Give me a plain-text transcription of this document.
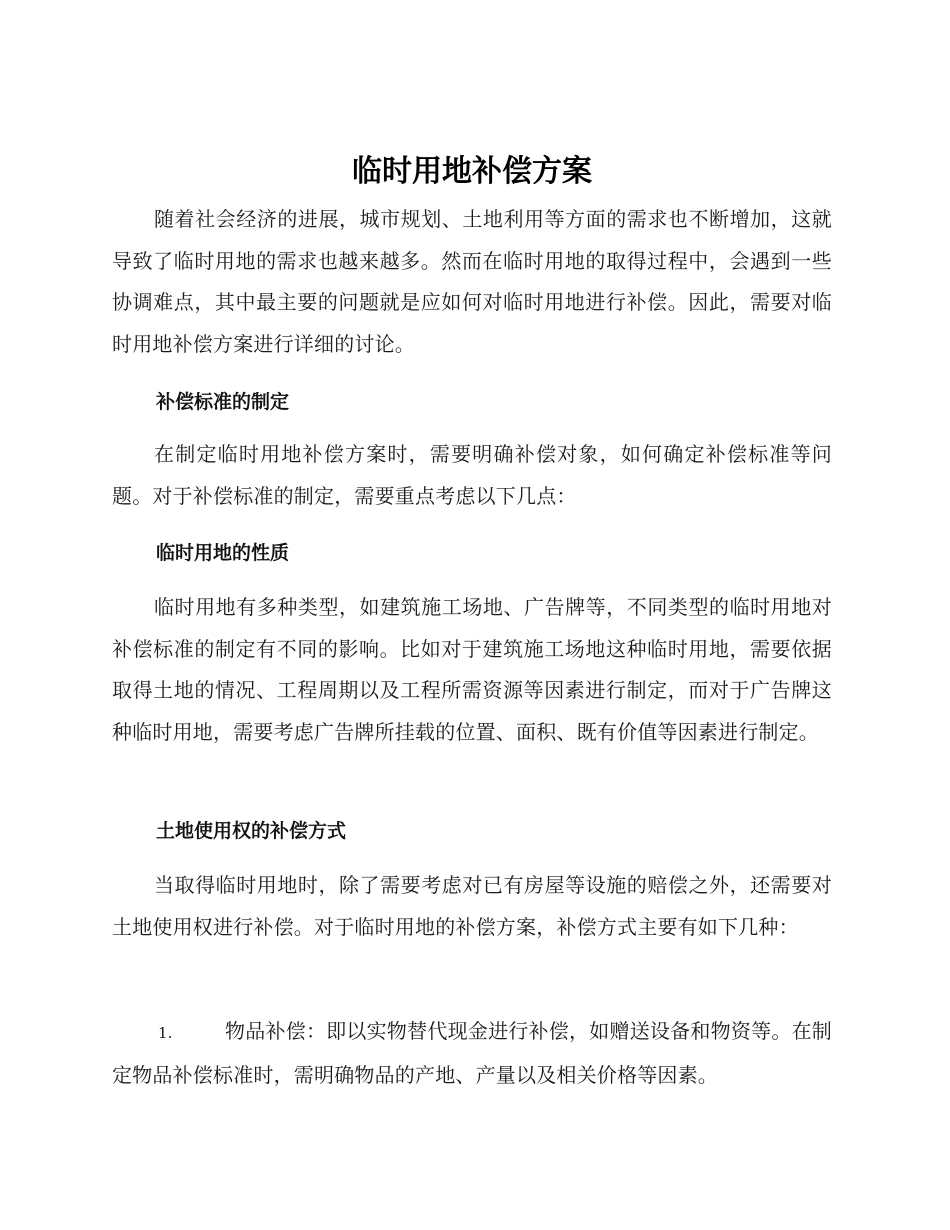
临时用地补偿方案

随着社会经济的进展，城市规划、土地利用等方面的需求也不断增加，这就导致了临时用地的需求也越来越多。然而在临时用地的取得过程中，会遇到一些协调难点，其中最主要的问题就是应如何对临时用地进行补偿。因此，需要对临时用地补偿方案进行详细的讨论。

补偿标准的制定

在制定临时用地补偿方案时，需要明确补偿对象，如何确定补偿标准等问题。对于补偿标准的制定，需要重点考虑以下几点：

临时用地的性质

临时用地有多种类型，如建筑施工场地、广告牌等，不同类型的临时用地对补偿标准的制定有不同的影响。比如对于建筑施工场地这种临时用地，需要依据取得土地的情况、工程周期以及工程所需资源等因素进行制定，而对于广告牌这种临时用地，需要考虑广告牌所挂载的位置、面积、既有价值等因素进行制定。

土地使用权的补偿方式

当取得临时用地时，除了需要考虑对已有房屋等设施的赔偿之外，还需要对土地使用权进行补偿。对于临时用地的补偿方案，补偿方式主要有如下几种：

1.	物品补偿：即以实物替代现金进行补偿，如赠送设备和物资等。在制定物品补偿标准时，需明确物品的产地、产量以及相关价格等因素。
